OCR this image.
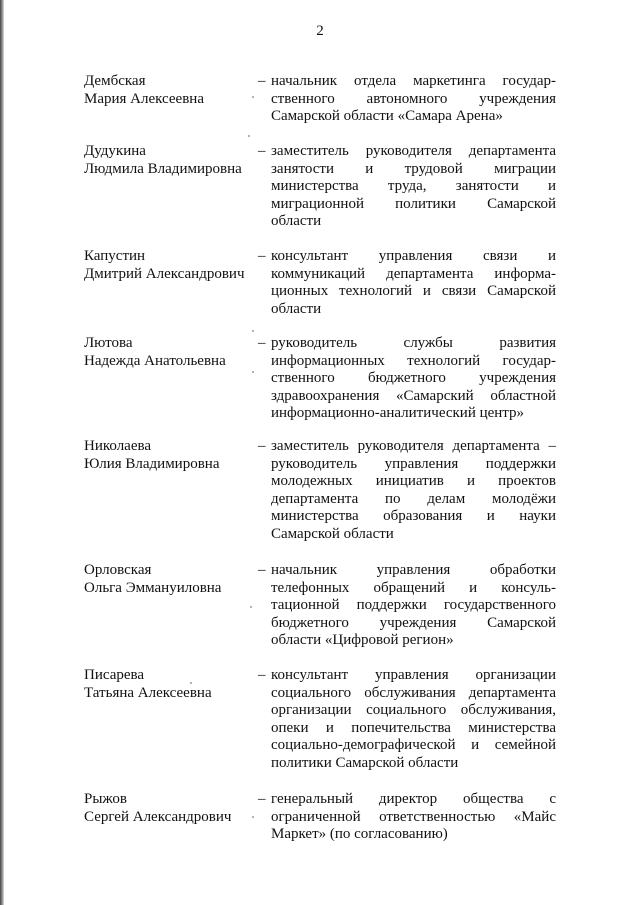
2
Дембская
Мария Алексеевна
– начальник отдела маркетинга государ-
ственного автономного учреждения
Самарской области «Самара Арена»
Дудукина
Людмила Владимировна
– заместитель руководителя департамента
занятости и трудовой миграции
министерства труда, занятости и
миграционной политики Самарской
области
Капустин
Дмитрий Александрович
– консультант управления связи и
коммуникаций департамента информа-
ционных технологий и связи Самарской
области
Лютова
Надежда Анатольевна
– руководитель службы развития
информационных технологий государ-
ственного бюджетного учреждения
здравоохранения «Самарский областной
информационно-аналитический центр»
Николаева
Юлия Владимировна
– заместитель руководителя департамента –
руководитель управления поддержки
молодежных инициатив и проектов
департамента по делам молодёжи
министерства образования и науки
Самарской области
Орловская
Ольга Эммануиловна
– начальник управления обработки
телефонных обращений и консуль-
тационной поддержки государственного
бюджетного учреждения Самарской
области «Цифровой регион»
Писарева
Татьяна Алексеевна
– консультант управления организации
социального обслуживания департамента
организации социального обслуживания,
опеки и попечительства министерства
социально-демографической и семейной
политики Самарской области
Рыжов
Сергей Александрович
– генеральный директор общества с
ограниченной ответственностью «Майс
Маркет» (по согласованию)
